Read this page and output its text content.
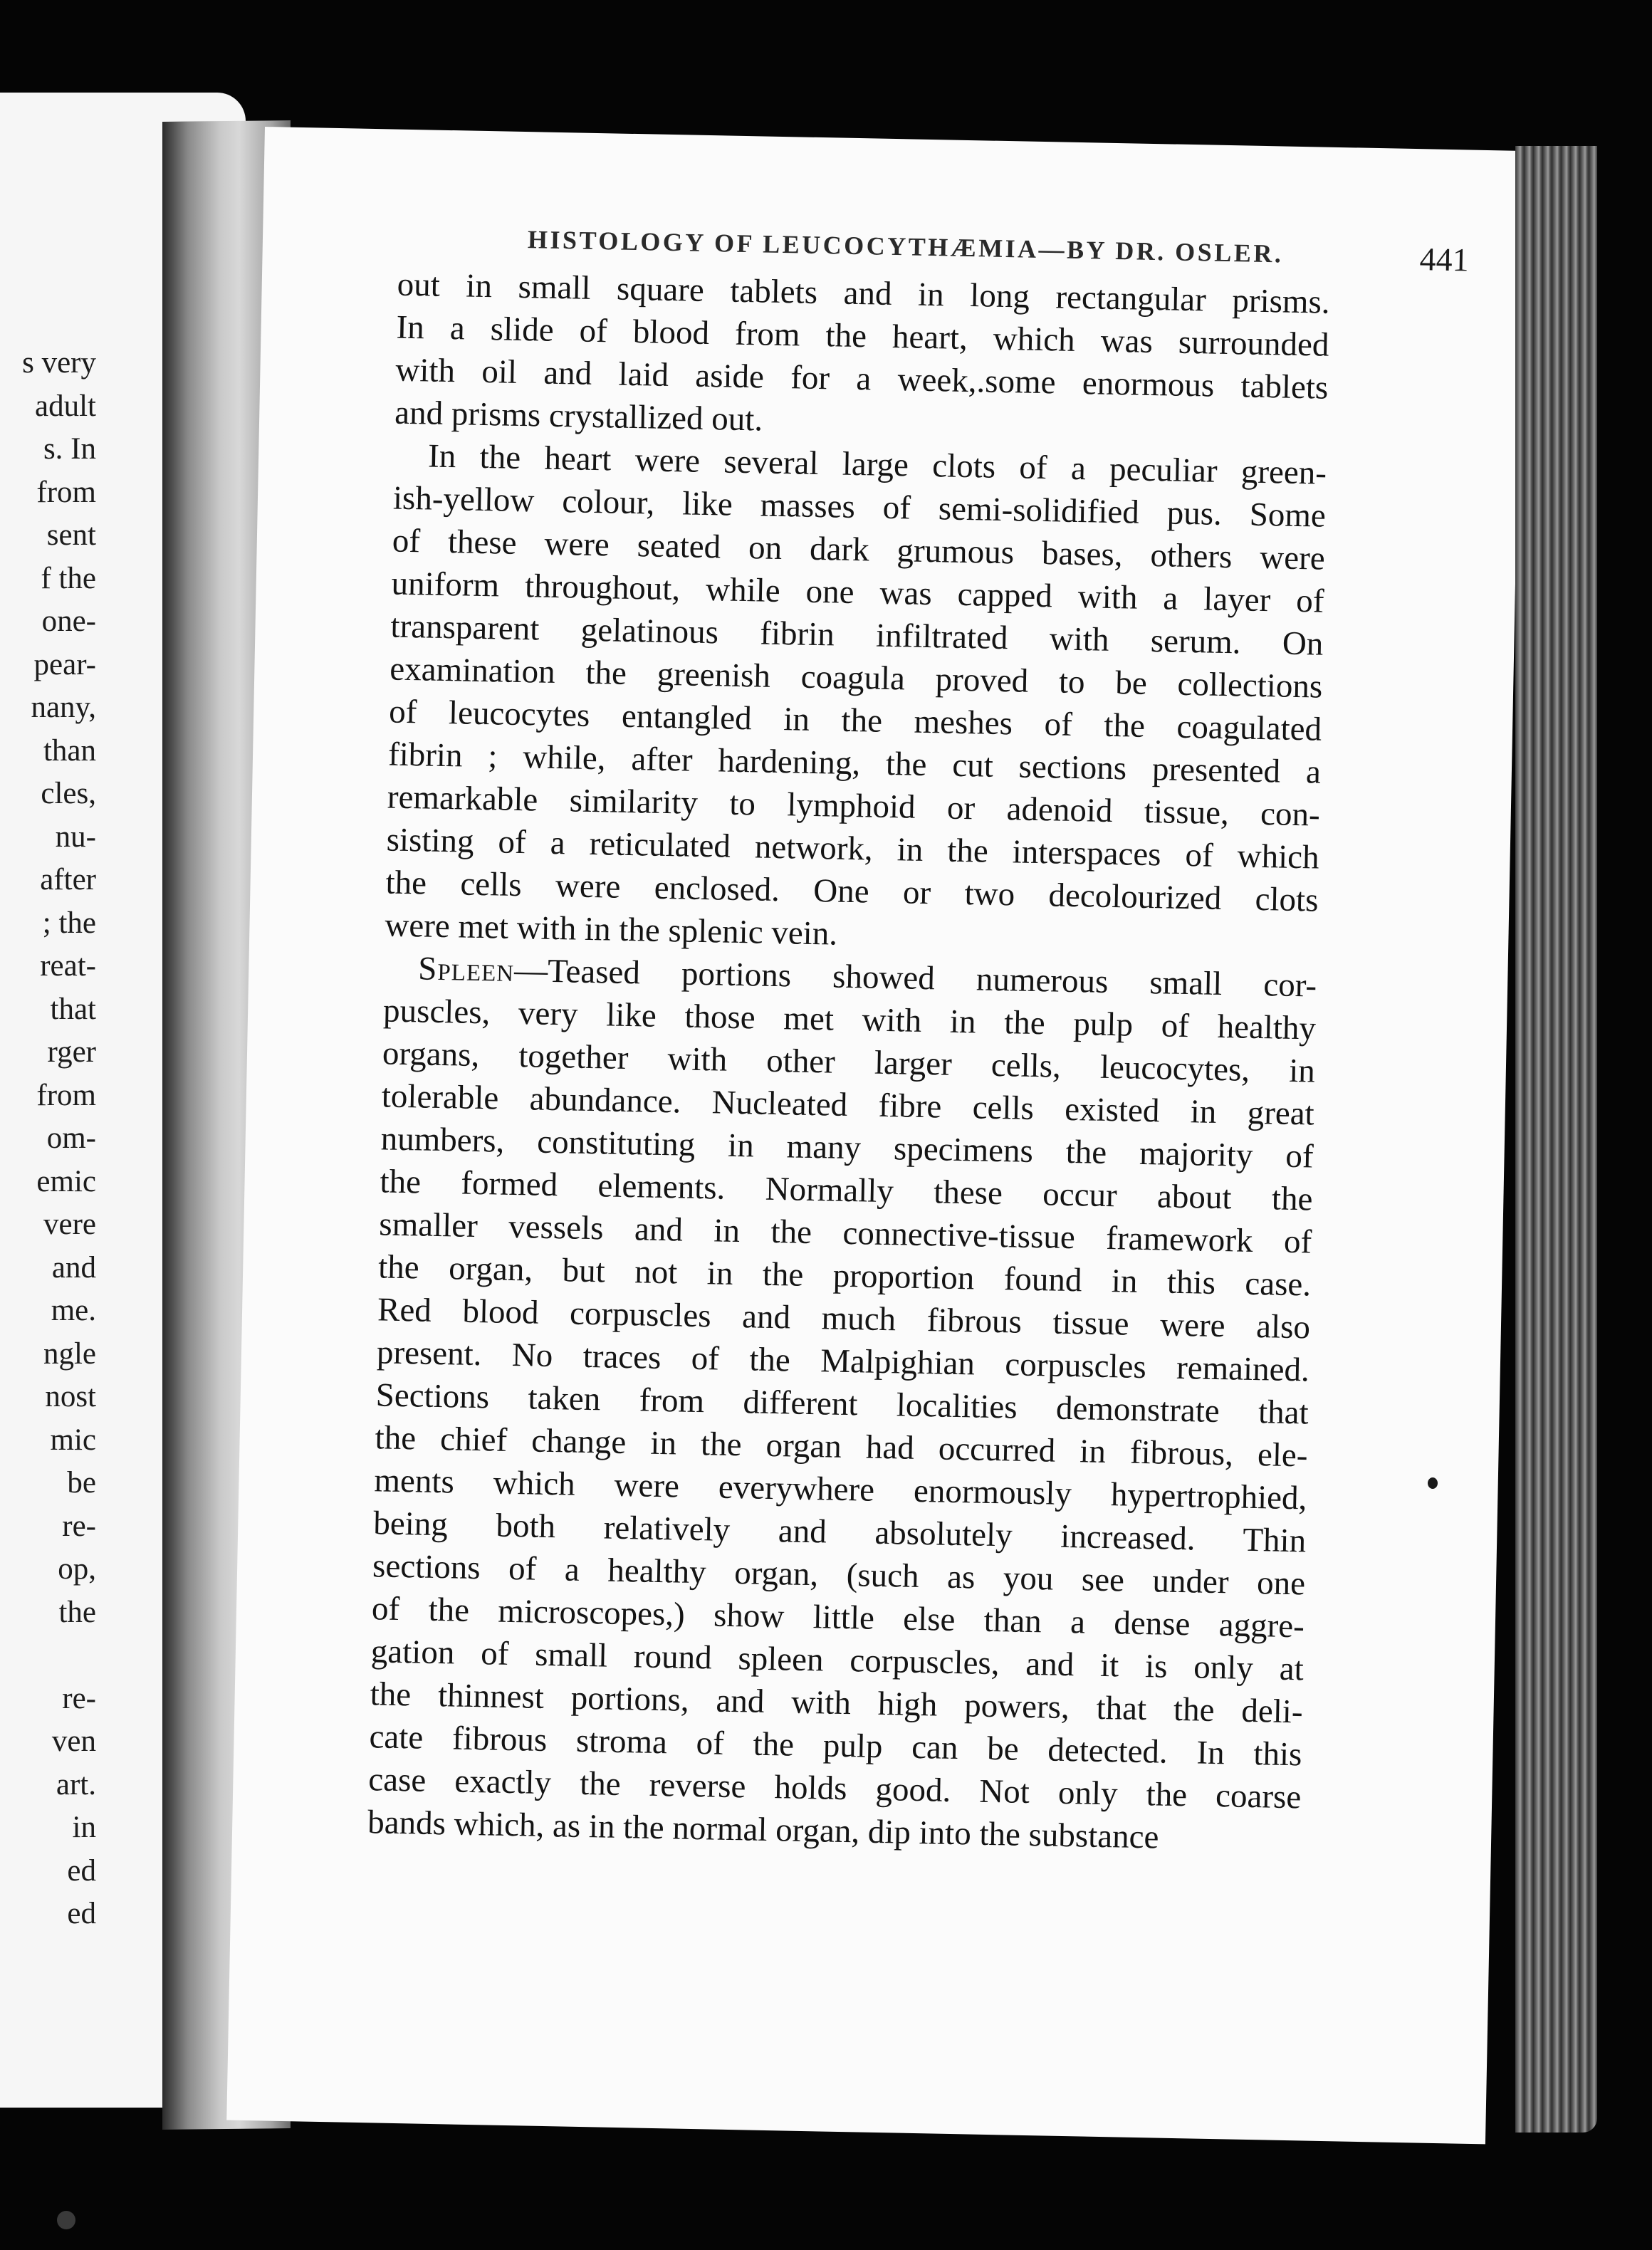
s very
adult
s. In
from
sent
f the
one-
pear-
nany,
than
cles,
nu-
after
; the
reat-
that
rger
from
om-
emic
vere
and
me.
ngle
nost
mic
be
re-
op,
the
re-
ven
art.
in
ed
ed
HISTOLOGY OF LEUCOCYTHÆMIA—BY DR. OSLER.	441
out in small square tablets and in long rectangular prisms.
In a slide of blood from the heart, which was surrounded
with oil and laid aside for a week,.some enormous tablets
and prisms crystallized out.
In the heart were several large clots of a peculiar green-
ish-yellow colour, like masses of semi-solidified pus. Some
of these were seated on dark grumous bases, others were
uniform throughout, while one was capped with a layer of
transparent gelatinous fibrin infiltrated with serum. On
examination the greenish coagula proved to be collections
of leucocytes entangled in the meshes of the coagulated
fibrin ; while, after hardening, the cut sections presented a
remarkable similarity to lymphoid or adenoid tissue, con-
sisting of a reticulated network, in the interspaces of which
the cells were enclosed. One or two decolourized clots
were met with in the splenic vein.
Spleen—Teased portions showed numerous small cor-
puscles, very like those met with in the pulp of healthy
organs, together with other larger cells, leucocytes, in
tolerable abundance. Nucleated fibre cells existed in great
numbers, constituting in many specimens the majority of
the formed elements. Normally these occur about the
smaller vessels and in the connective-tissue framework of
the organ, but not in the proportion found in this case.
Red blood corpuscles and much fibrous tissue were also
present. No traces of the Malpighian corpuscles remained.
Sections taken from different localities demonstrate that
the chief change in the organ had occurred in fibrous, ele-
ments which were everywhere enormously hypertrophied,
being both relatively and absolutely increased. Thin
sections of a healthy organ, (such as you see under one
of the microscopes,) show little else than a dense aggre-
gation of small round spleen corpuscles, and it is only at
the thinnest portions, and with high powers, that the deli-
cate fibrous stroma of the pulp can be detected. In this
case exactly the reverse holds good. Not only the coarse
bands which, as in the normal organ, dip into the substance
